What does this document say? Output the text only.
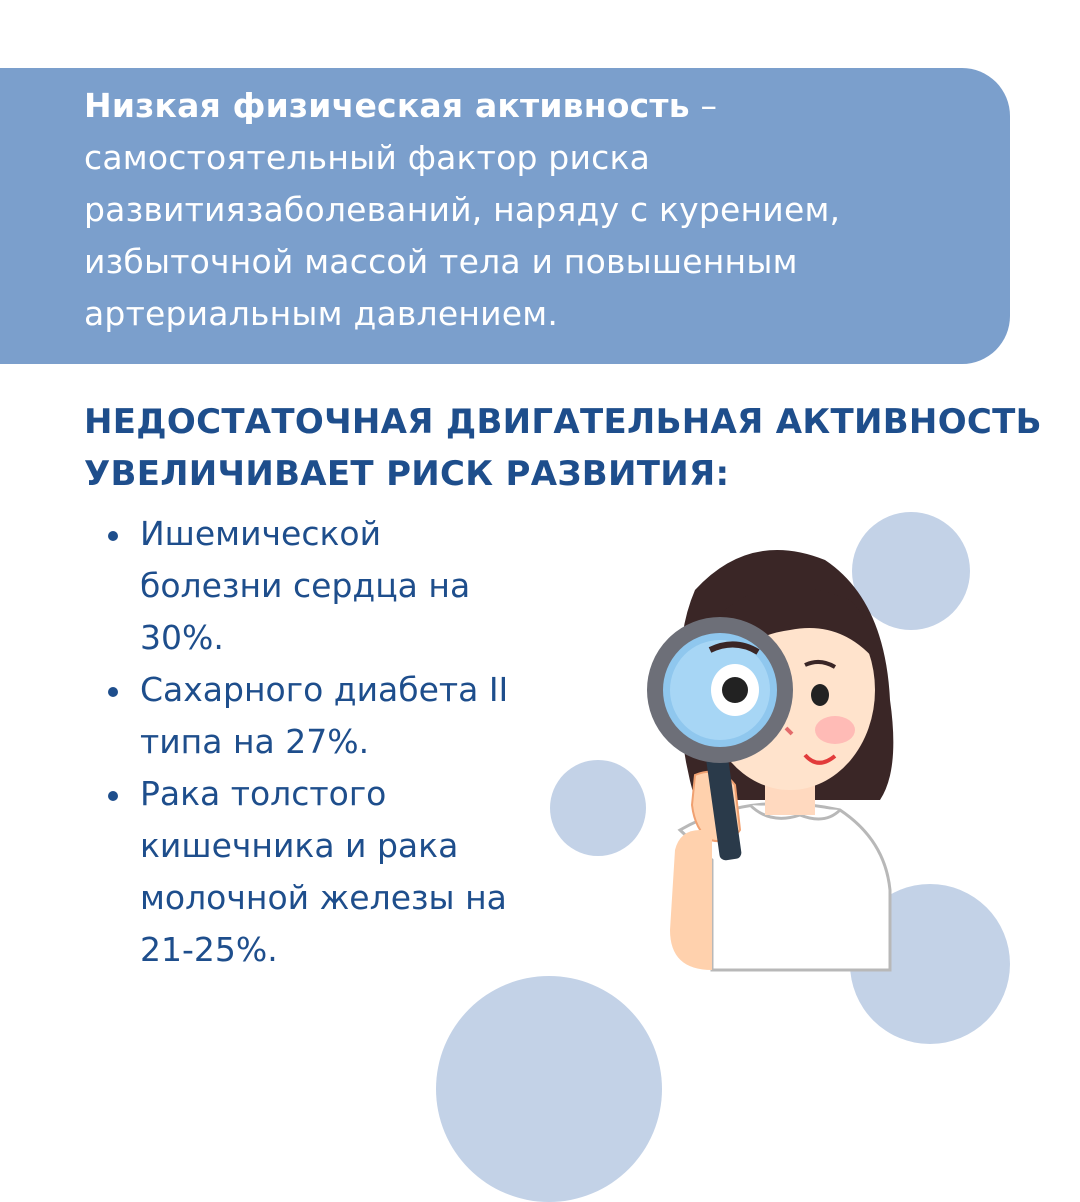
Низкая физическая активность – самостоятельный фактор риска развитиязаболеваний, наряду с курением, избыточной массой тела и повышенным артериальным давлением.
НЕДОСТАТОЧНАЯ ДВИГАТЕЛЬНАЯ АКТИВНОСТЬ
УВЕЛИЧИВАЕТ РИСК РАЗВИТИЯ:
Ишемической болезни сердца на 30%.
Сахарного диабета II типа на 27%.
Рака толстого кишечника и рака молочной железы на 21-25%.
